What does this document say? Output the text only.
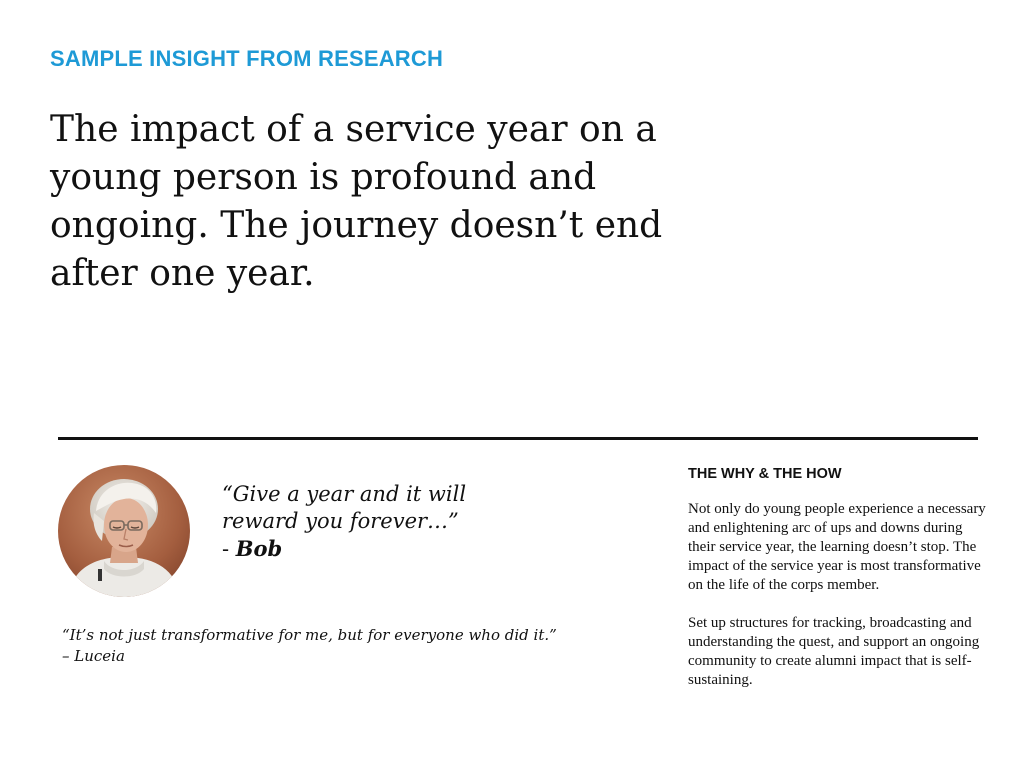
SAMPLE INSIGHT FROM RESEARCH
The impact of a service year on a young person is profound and ongoing. The journey doesn’t end after one year.
“Give a year and it will
reward you forever…”
- Bob
“It’s not just transformative for me, but for everyone who did it.”
– Luceia
THE WHY & THE HOW

Not only do young people experience a necessary and enlightening arc of ups and downs during their service year, the learning doesn’t stop. The impact of the service year is most transformative on the life of the corps member.

Set up structures for tracking, broadcasting and understanding the quest, and support an ongoing community to create alumni impact that is self-sustaining.
